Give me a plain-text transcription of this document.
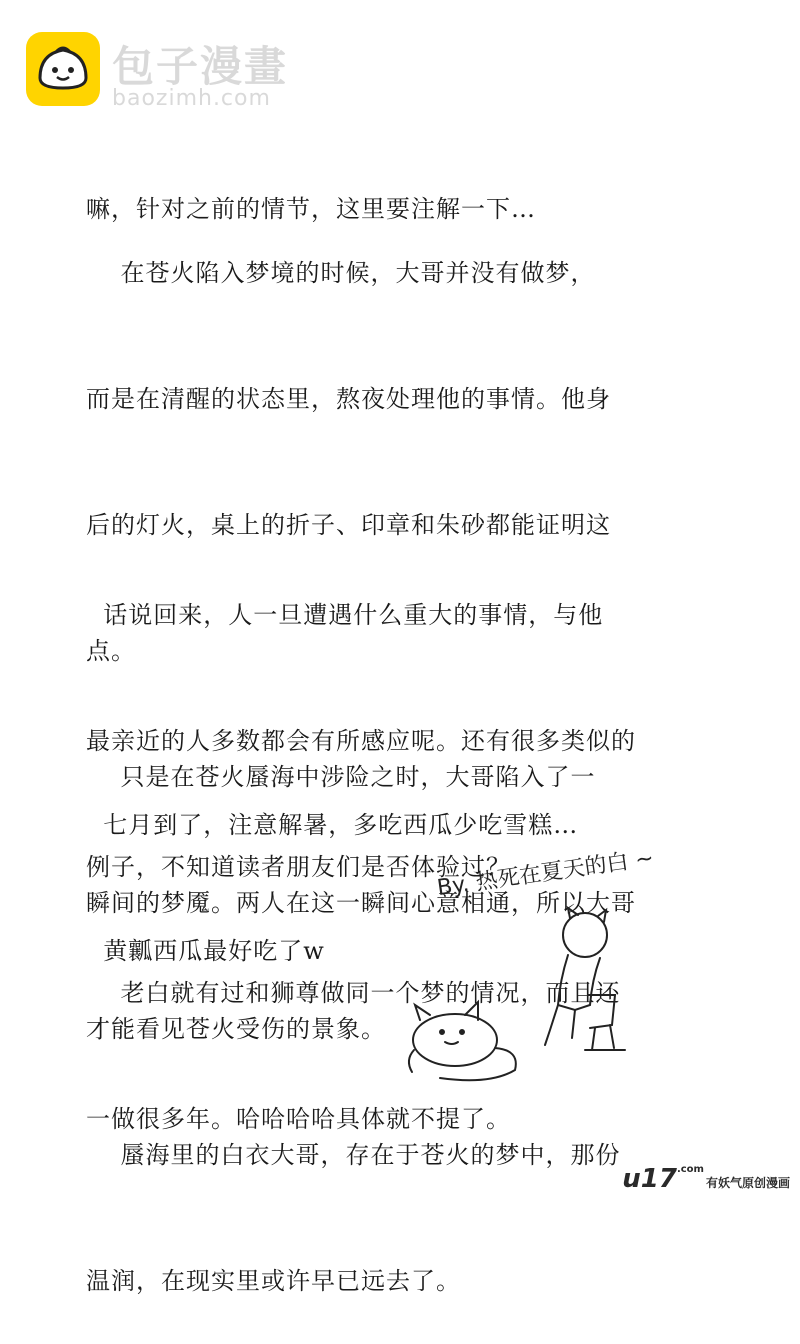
包子漫畫
baozimh.com

嘛，针对之前的情节，这里要注解一下…

在苍火陷入梦境的时候，大哥并没有做梦，

而是在清醒的状态里，熬夜处理他的事情。他身

后的灯火，桌上的折子、印章和朱砂都能证明这

点。

只是在苍火蜃海中涉险之时，大哥陷入了一

瞬间的梦魇。两人在这一瞬间心意相通，所以大哥

才能看见苍火受伤的景象。

蜃海里的白衣大哥，存在于苍火的梦中，那份

温润，在现实里或许早已远去了。

话说回来，人一旦遭遇什么重大的事情，与他

最亲近的人多数都会有所感应呢。还有很多类似的

例子，不知道读者朋友们是否体验过？

老白就有过和狮尊做同一个梦的情况，而且还

一做很多年。哈哈哈哈具体就不提了。

七月到了，注意解暑，多吃西瓜少吃雪糕…

黄瓤西瓜最好吃了w

By. 热死在夏天的白 ~
$u17^{.com}$有妖气原创漫画
